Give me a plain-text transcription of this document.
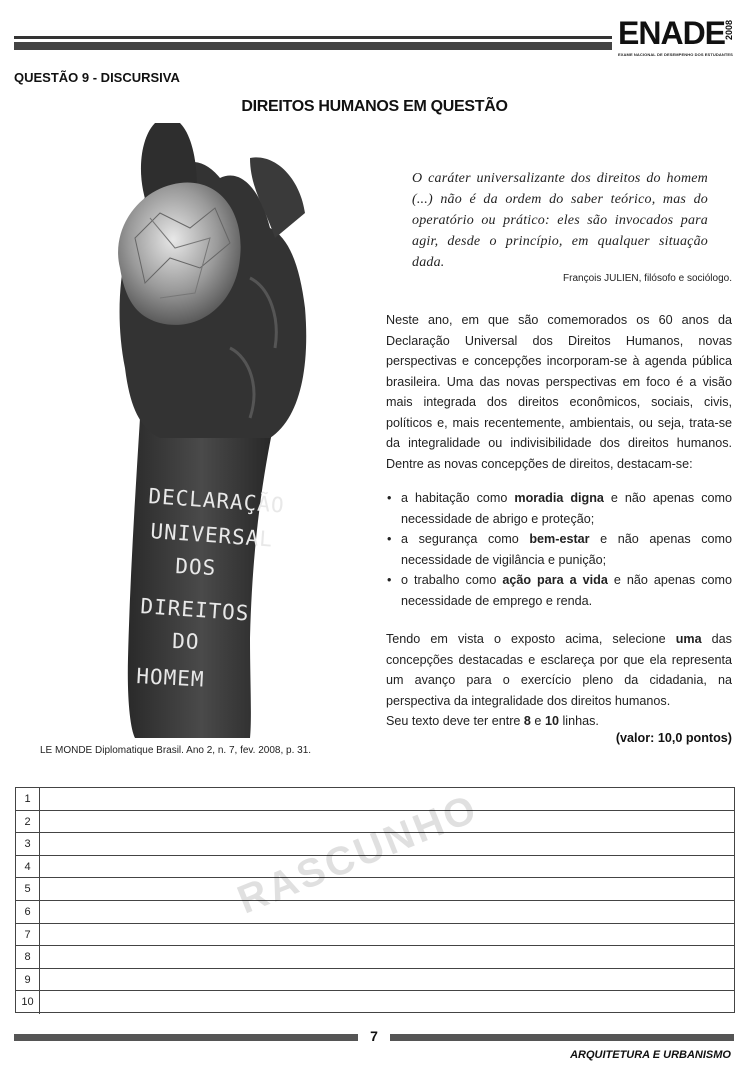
ENADE
2008
EXAME NACIONAL DE DESEMPENHO DOS ESTUDANTES
QUESTÃO 9 - DISCURSIVA
DIREITOS HUMANOS EM QUESTÃO
DECLARAÇÃO
UNIVERSAL
DOS
DIREITOS
DO
HOMEM
LE MONDE Diplomatique Brasil. Ano 2, n. 7, fev. 2008, p. 31.
O caráter universalizante dos direitos do homem (...) não é da ordem do saber teórico, mas do operatório ou prático: eles são invocados para agir, desde o princípio, em qualquer situação dada.
François JULIEN, filósofo e sociólogo.
Neste ano, em que são comemorados os 60 anos da Declaração Universal dos Direitos Humanos, novas perspectivas e concepções incorporam-se à agenda pública brasileira. Uma das novas perspectivas em foco é a visão mais integrada dos direitos econômicos, sociais, civis, políticos e, mais recentemente, ambientais, ou seja, trata-se da integralidade ou indivisibilidade dos direitos humanos. Dentre as novas concepções de direitos, destacam-se:
• a habitação como moradia digna e não apenas como necessidade de abrigo e proteção;
• a segurança como bem-estar e não apenas como necessidade de vigilância e punição;
• o trabalho como ação para a vida e não apenas como necessidade de emprego e renda.
Tendo em vista o exposto acima, selecione uma das concepções destacadas e esclareça por que ela representa um avanço para o exercício pleno da cidadania, na perspectiva da integralidade dos direitos humanos.
Seu texto deve ter entre 8 e 10 linhas.
(valor: 10,0 pontos)
1
2
3
4
5
6
7
8
9
10
RASCUNHO
7
ARQUITETURA E URBANISMO
